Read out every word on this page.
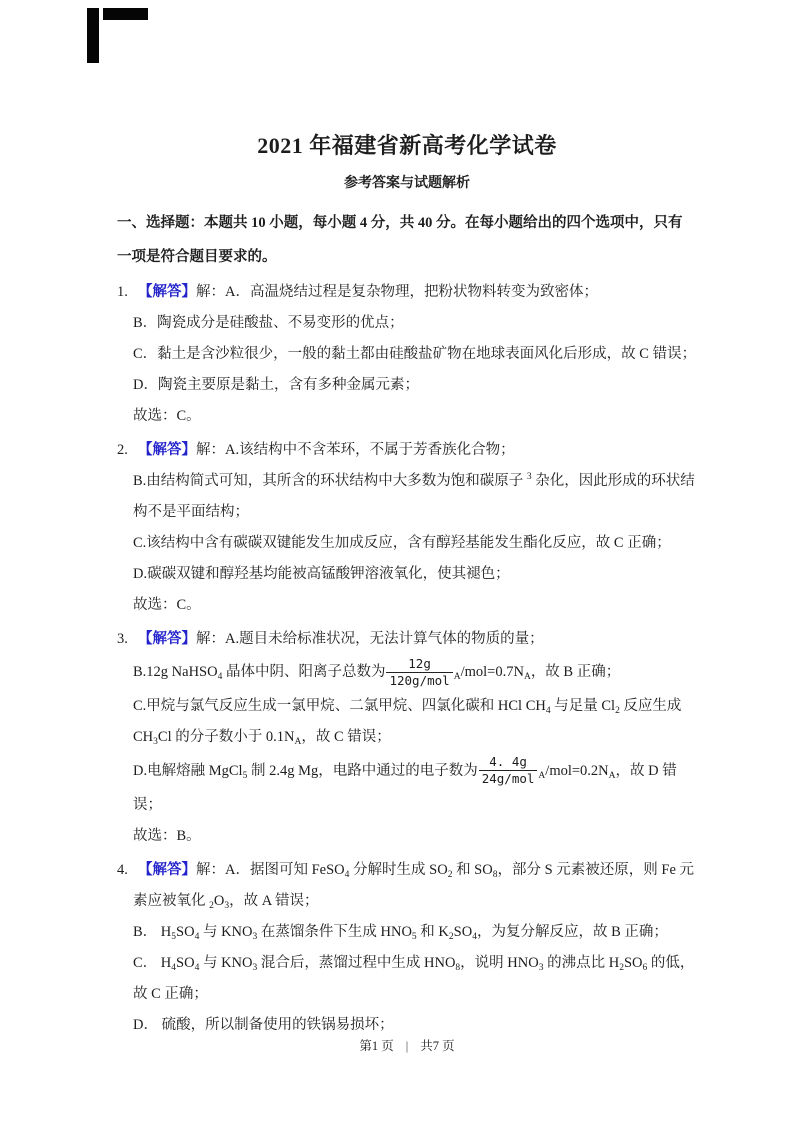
2021 年福建省新高考化学试卷
参考答案与试题解析
一、选择题：本题共 10 小题，每小题 4 分，共 40 分。在每小题给出的四个选项中，只有
一项是符合题目要求的。
1. 【解答】解：A．高温烧结过程是复杂物理，把粉状物料转变为致密体；
B．陶瓷成分是硅酸盐、不易变形的优点；
C．黏土是含沙粒很少，一般的黏土都由硅酸盐矿物在地球表面风化后形成，故 C 错误；
D．陶瓷主要原是黏土，含有多种金属元素；
故选：C。
2. 【解答】解：A.该结构中不含苯环，不属于芳香族化合物；
B.由结构简式可知，其所含的环状结构中大多数为饱和碳原子 $^3$ 杂化，因此形成的环状结
构不是平面结构；
C.该结构中含有碳碳双键能发生加成反应，含有醇羟基能发生酯化反应，故 C 正确；
D.碳碳双键和醇羟基均能被高锰酸钾溶液氧化，使其褪色；
故选：C。
3. 【解答】解：A.题目未给标准状况，无法计算气体的物质的量；
B.12g NaHSO$_4$ 晶体中阴、阳离子总数为 $\frac{12g}{\text{120g/mol}} _A/mol=0.7N_A$，故 B 正确；
C.甲烷与氯气反应生成一氯甲烷、二氯甲烷、四氯化碳和 HCl $CH_4$ 与足量 $Cl_2$ 反应生成
$CH_3Cl$ 的分子数小于 $0.1N_A$，故 C 错误；
D.电解熔融 MgCl$_5$ 制 2.4g Mg，电路中通过的电子数为 $\frac{4. 4g}{\text{24g/mol}} _A/mol=0.2N_A$，故 D 错
误；
故选：B。
4. 【解答】解：A．据图可知 FeSO$_4$ 分解时生成 $SO_2$ 和 $SO_8$，部分 S 元素被还原，则 Fe 元
素应被氧化 $_2O_3$，故 A 错误；
B． $H_5SO_4$ 与 $KNO_3$ 在蒸馏条件下生成 $HNO_5$ 和 $K_2SO_4$，为复分解反应，故 B 正确；
C． $H_4SO_4$ 与 $KNO_3$ 混合后，蒸馏过程中生成 $HNO_8$，说明 $HNO_3$ 的沸点比 $H_2SO_6$ 的低，
故 C 正确；
D． 硫酸，所以制备使用的铁锅易损坏；
第1 页 | 共7 页
